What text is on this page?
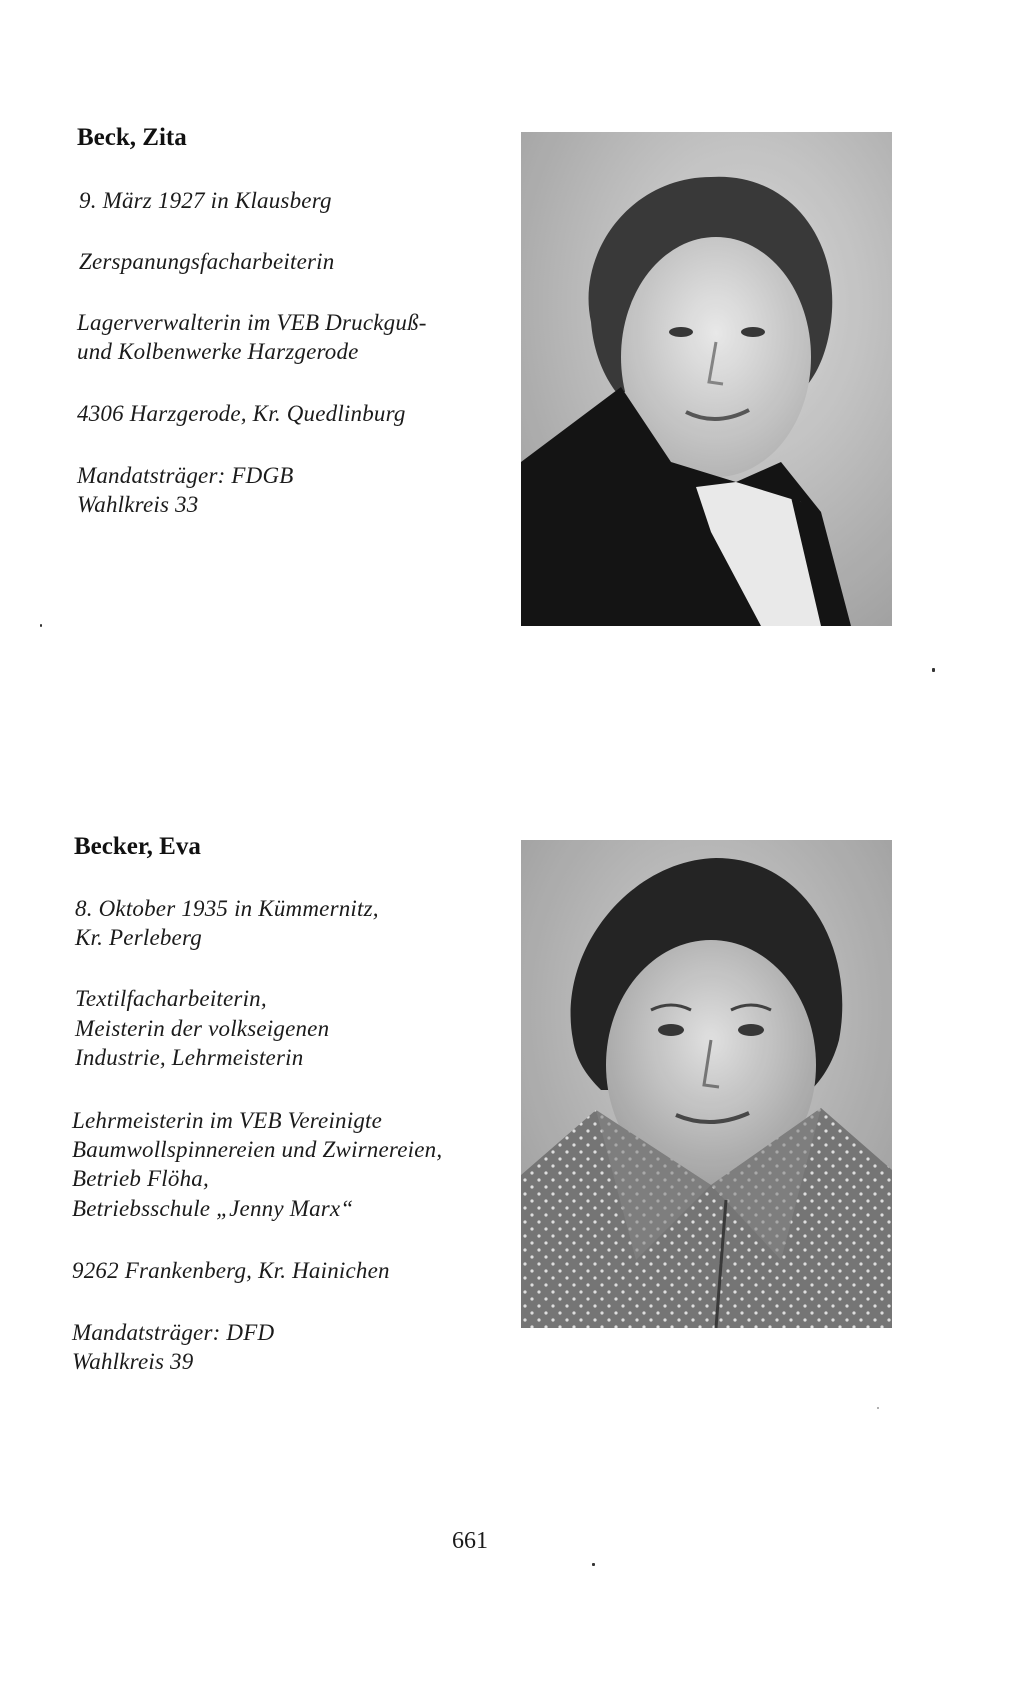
Beck, Zita
9. März 1927 in Klausberg
Zerspanungsfacharbeiterin
Lagerverwalterin im VEB Druckguß-
und Kolbenwerke Harzgerode
4306 Harzgerode, Kr. Quedlinburg
Mandatsträger: FDGB
Wahlkreis 33
Becker, Eva
8. Oktober 1935 in Kümmernitz,
Kr. Perleberg
Textilfacharbeiterin,
Meisterin der volkseigenen
Industrie, Lehrmeisterin
Lehrmeisterin im VEB Vereinigte
Baumwollspinnereien und Zwirnereien,
Betrieb Flöha,
Betriebsschule „Jenny Marx“
9262 Frankenberg, Kr. Hainichen
Mandatsträger: DFD
Wahlkreis 39
661
